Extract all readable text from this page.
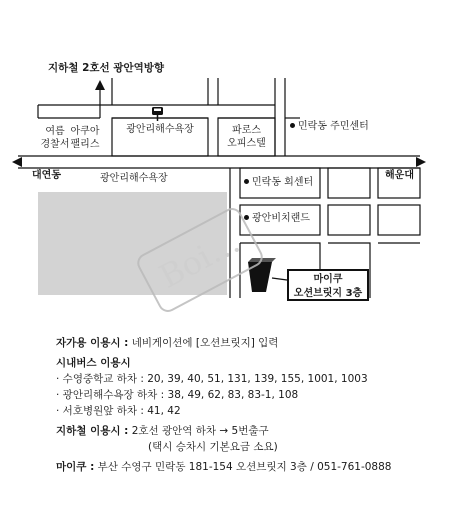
Boi…
지하철 2호선 광안역방향
여름
경찰서
아쿠아
팰리스
광안리해수욕장	파로스
오피스텔
민락동 주민센터
대연동	해운대
광안리해수욕장	민락동 회센터
광안비치랜드
마이쿠
오션브릿지 3층
자가용 이용시 : 네비게이션에 [오션브릿지] 입력
시내버스 이용시
· 수영중학교 하차 : 20, 39, 40, 51, 131, 139, 155, 1001, 1003
· 광안리해수욕장 하차 : 38, 49, 62, 83, 83-1, 108
· 서호병원앞 하차 : 41, 42
지하철 이용시 : 2호선 광안역 하차 → 5번출구
(택시 승차시 기본요금 소요)
마이쿠 : 부산 수영구 민락동 181-154 오션브릿지 3층 / 051-761-0888
